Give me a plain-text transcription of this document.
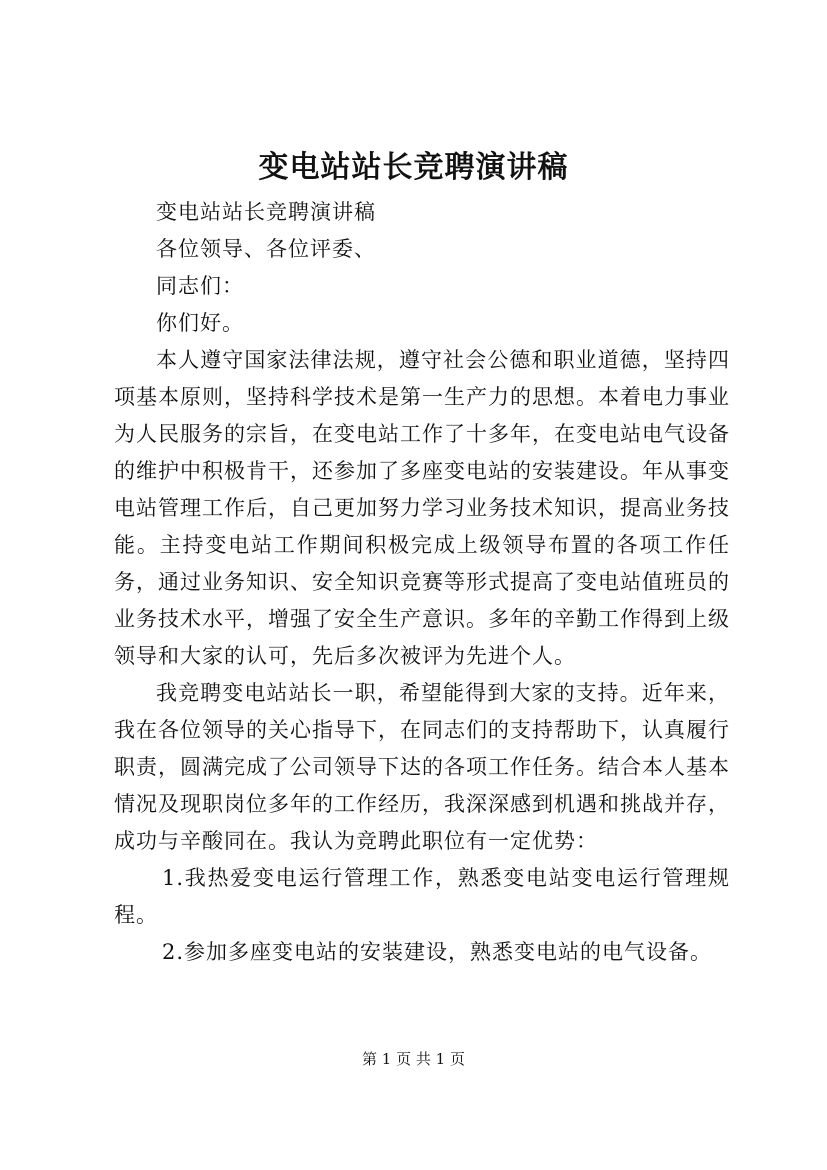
变电站站长竞聘演讲稿

变电站站长竞聘演讲稿

各位领导、各位评委、

同志们：

你们好。

本人遵守国家法律法规，遵守社会公德和职业道德，坚持四项基本原则，坚持科学技术是第一生产力的思想。本着电力事业为人民服务的宗旨，在变电站工作了十多年，在变电站电气设备的维护中积极肯干，还参加了多座变电站的安装建设。年从事变电站管理工作后，自己更加努力学习业务技术知识，提高业务技能。主持变电站工作期间积极完成上级领导布置的各项工作任务，通过业务知识、安全知识竞赛等形式提高了变电站值班员的业务技术水平，增强了安全生产意识。多年的辛勤工作得到上级领导和大家的认可，先后多次被评为先进个人。

我竞聘变电站站长一职，希望能得到大家的支持。近年来，我在各位领导的关心指导下，在同志们的支持帮助下，认真履行职责，圆满完成了公司领导下达的各项工作任务。结合本人基本情况及现职岗位多年的工作经历，我深深感到机遇和挑战并存，成功与辛酸同在。我认为竞聘此职位有一定优势：

1.我热爱变电运行管理工作，熟悉变电站变电运行管理规程。

2.参加多座变电站的安装建设，熟悉变电站的电气设备。

第 1 页 共 1 页
